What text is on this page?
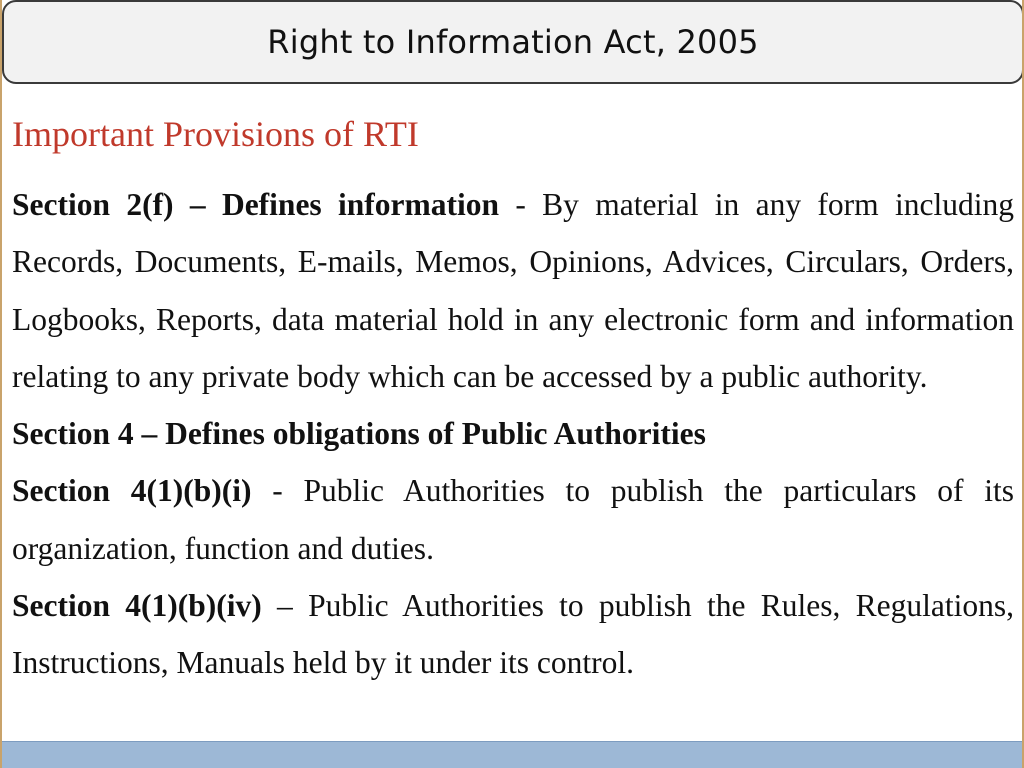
Right to Information Act, 2005
Important Provisions of RTI

Section 2(f) – Defines information - By material in any form including Records, Documents, E-mails, Memos, Opinions, Advices, Circulars, Orders, Logbooks, Reports, data material hold in any electronic form and information relating to any private body which can be accessed by a public authority.

Section 4 – Defines obligations of Public Authorities

Section 4(1)(b)(i) - Public Authorities to publish the particulars of its organization, function and duties.

Section 4(1)(b)(iv) – Public Authorities to publish the Rules, Regulations, Instructions, Manuals held by it under its control.
